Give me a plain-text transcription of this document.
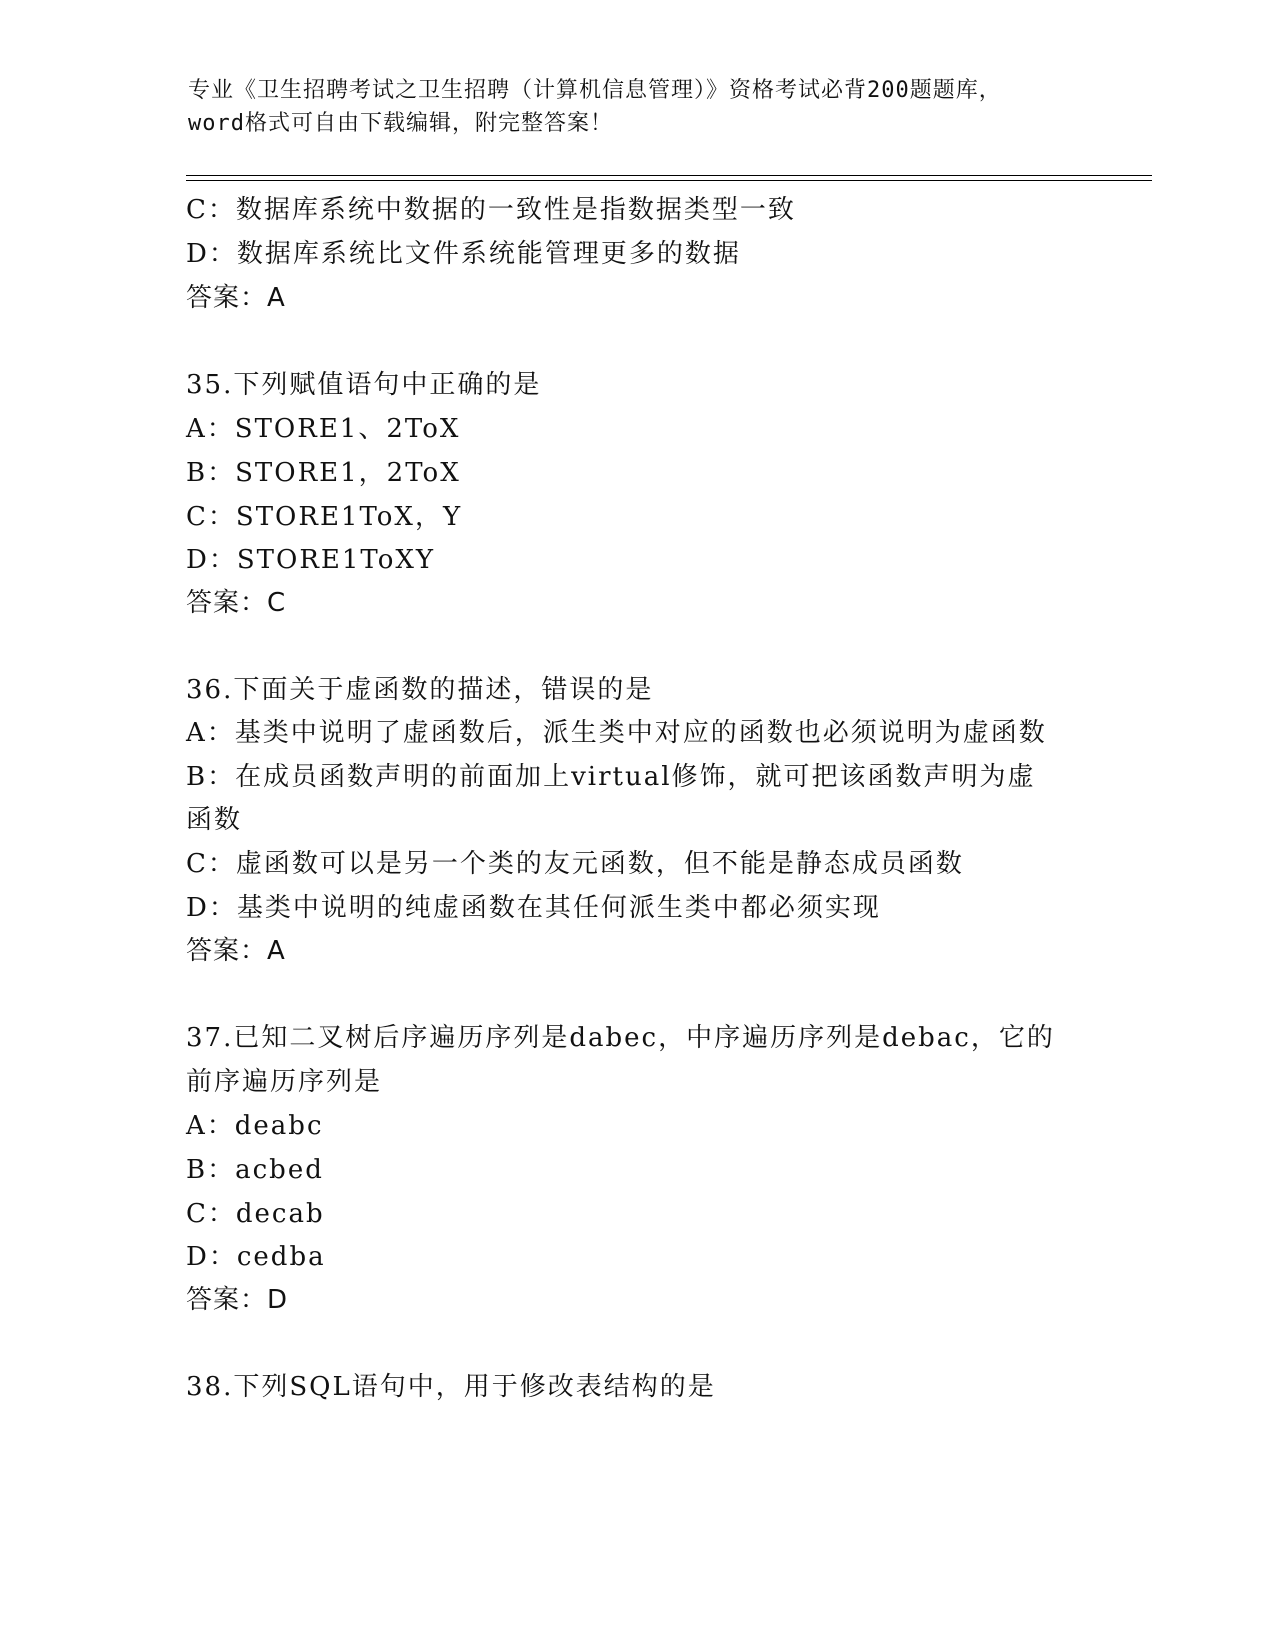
专业《卫生招聘考试之卫生招聘（计算机信息管理）》资格考试必背200题题库，
word格式可自由下载编辑，附完整答案！
C：数据库系统中数据的一致性是指数据类型一致
D：数据库系统比文件系统能管理更多的数据
答案：A
35.下列赋值语句中正确的是
A：STORE1、2ToX
B：STORE1，2ToX
C：STORE1ToX，Y
D：STORE1ToXY
答案：C
36.下面关于虚函数的描述，错误的是
A：基类中说明了虚函数后，派生类中对应的函数也必须说明为虚函数
B：在成员函数声明的前面加上virtual修饰，就可把该函数声明为虚
函数
C：虚函数可以是另一个类的友元函数，但不能是静态成员函数
D：基类中说明的纯虚函数在其任何派生类中都必须实现
答案：A
37.已知二叉树后序遍历序列是dabec，中序遍历序列是debac，它的
前序遍历序列是
A：deabc
B：acbed
C：decab
D：cedba
答案：D
38.下列SQL语句中，用于修改表结构的是
